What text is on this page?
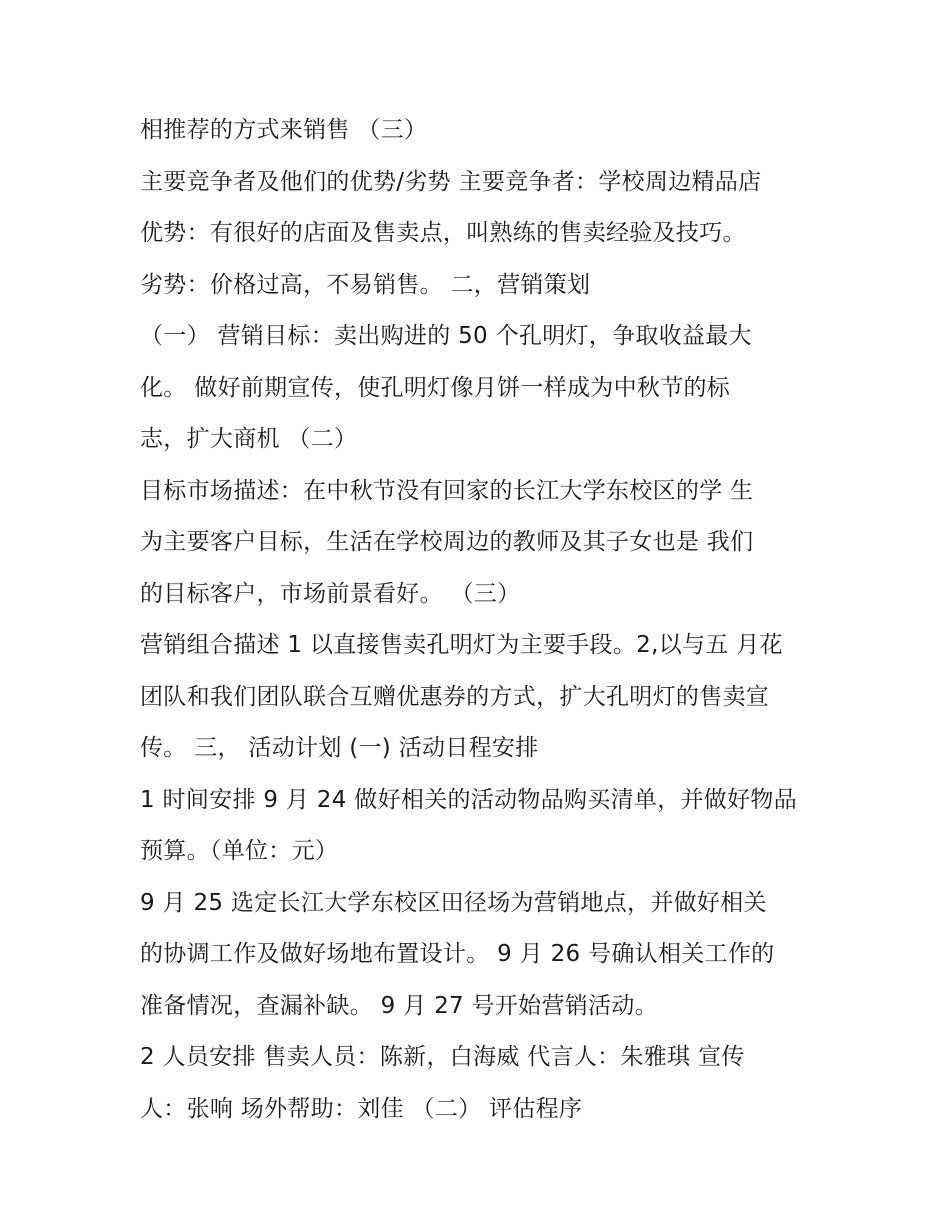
相推荐的方式来销售 （三）
主要竞争者及他们的优势/劣势 主要竞争者：学校周边精品店
优势：有很好的店面及售卖点，叫熟练的售卖经验及技巧。
劣势：价格过高，不易销售。 二，营销策划
（一） 营销目标：卖出购进的 50 个孔明灯，争取收益最大
化。 做好前期宣传，使孔明灯像月饼一样成为中秋节的标
志，扩大商机 （二）
目标市场描述：在中秋节没有回家的长江大学东校区的学 生
为主要客户目标，生活在学校周边的教师及其子女也是 我们
的目标客户，市场前景看好。 （三）
营销组合描述 1 以直接售卖孔明灯为主要手段。2,以与五 月花
团队和我们团队联合互赠优惠券的方式，扩大孔明灯的售卖宣
传。 三， 活动计划 (一) 活动日程安排
1 时间安排 9 月 24 做好相关的活动物品购买清单，并做好物品
预算。（单位：元）
9 月 25 选定长江大学东校区田径场为营销地点，并做好相关
的协调工作及做好场地布置设计。 9 月 26 号确认相关工作的
准备情况，查漏补缺。 9 月 27 号开始营销活动。
2 人员安排 售卖人员：陈新，白海威 代言人：朱雅琪 宣传
人：张响 场外帮助：刘佳 （二） 评估程序
